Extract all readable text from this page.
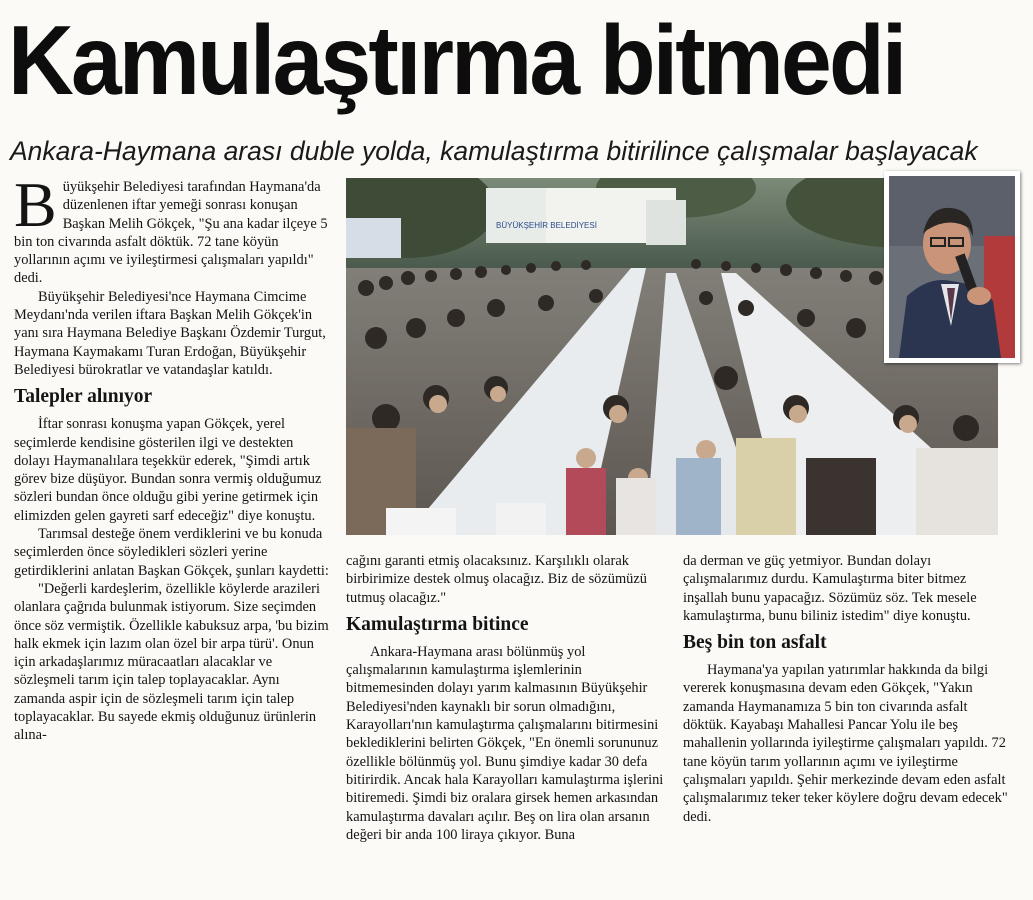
Kamulaştırma bitmedi
Ankara-Haymana arası duble yolda, kamulaştırma bitirilince çalışmalar başlayacak

Büyükşehir Belediyesi tarafından Haymana'da düzenlenen iftar yemeği sonrası konuşan Başkan Melih Gökçek, "Şu ana kadar ilçeye 5 bin ton civarında asfalt döktük. 72 tane köyün yollarının açımı ve iyileştirmesi çalışmaları yapıldı" dedi.

Büyükşehir Belediyesi'nce Haymana Cimcime Meydanı'nda verilen iftara Başkan Melih Gökçek'in yanı sıra Haymana Belediye Başkanı Özdemir Turgut, Haymana Kaymakamı Turan Erdoğan, Büyükşehir Belediyesi bürokratlar ve vatandaşlar katıldı.

Talepler alınıyor

İftar sonrası konuşma yapan Gökçek, yerel seçimlerde kendisine gösterilen ilgi ve destekten dolayı Haymanalılara teşekkür ederek, "Şimdi artık görev bize düşüyor. Bundan sonra vermiş olduğumuz sözleri bundan önce olduğu gibi yerine getirmek için elimizden gelen gayreti sarf edeceğiz" diye konuştu.

Tarımsal desteğe önem verdiklerini ve bu konuda seçimlerden önce söyledikleri sözleri yerine getirdiklerini anlatan Başkan Gökçek, şunları kaydetti:

"Değerli kardeşlerim, özellikle köylerde arazileri olanlara çağrıda bulunmak istiyorum. Size seçimden önce söz vermiştik. Özellikle kabuksuz arpa, 'bu bizim halk ekmek için lazım olan özel bir arpa türü'. Onun için arkadaşlarımız müracaatları alacaklar ve sözleşmeli tarım için talep toplayacaklar. Aynı zamanda aspir için de sözleşmeli tarım için talep toplayacaklar. Bu sayede ekmiş olduğunuz ürünlerin alına-

BÜYÜKŞEHİR BELEDİYESİ

cağını garanti etmiş olacaksınız. Karşılıklı olarak birbirimize destek olmuş olacağız. Biz de sözümüzü tutmuş olacağız."

Kamulaştırma bitince

Ankara-Haymana arası bölünmüş yol çalışmalarının kamulaştırma işlemlerinin bitmemesinden dolayı yarım kalmasının Büyükşehir Belediyesi'nden kaynaklı bir sorun olmadığını, Karayolları'nın kamulaştırma çalışmalarını bitirmesini beklediklerini belirten Gökçek, "En önemli sorununuz özellikle bölünmüş yol. Bunu şimdiye kadar 30 defa bitirirdik. Ancak hala Karayolları kamulaştırma işlerini bitiremedi. Şimdi biz oralara girsek hemen arkasından kamulaştırma davaları açılır. Beş on lira olan arsanın değeri bir anda 100 liraya çıkıyor. Buna

da derman ve güç yetmiyor. Bundan dolayı çalışmalarımız durdu. Kamulaştırma biter bitmez inşallah bunu yapacağız. Sözümüz söz. Tek mesele kamulaştırma, bunu biliniz istedim" diye konuştu.

Beş bin ton asfalt

Haymana'ya yapılan yatırımlar hakkında da bilgi vererek konuşmasına devam eden Gökçek, "Yakın zamanda Haymanamıza 5 bin ton civarında asfalt döktük. Kayabaşı Mahallesi Pancar Yolu ile beş mahallenin yollarında iyileştirme çalışmaları yapıldı. 72 tane köyün tarım yollarının açımı ve iyileştirme çalışmaları yapıldı. Şehir merkezinde devam eden asfalt çalışmalarımız teker teker köylere doğru devam edecek" dedi.
